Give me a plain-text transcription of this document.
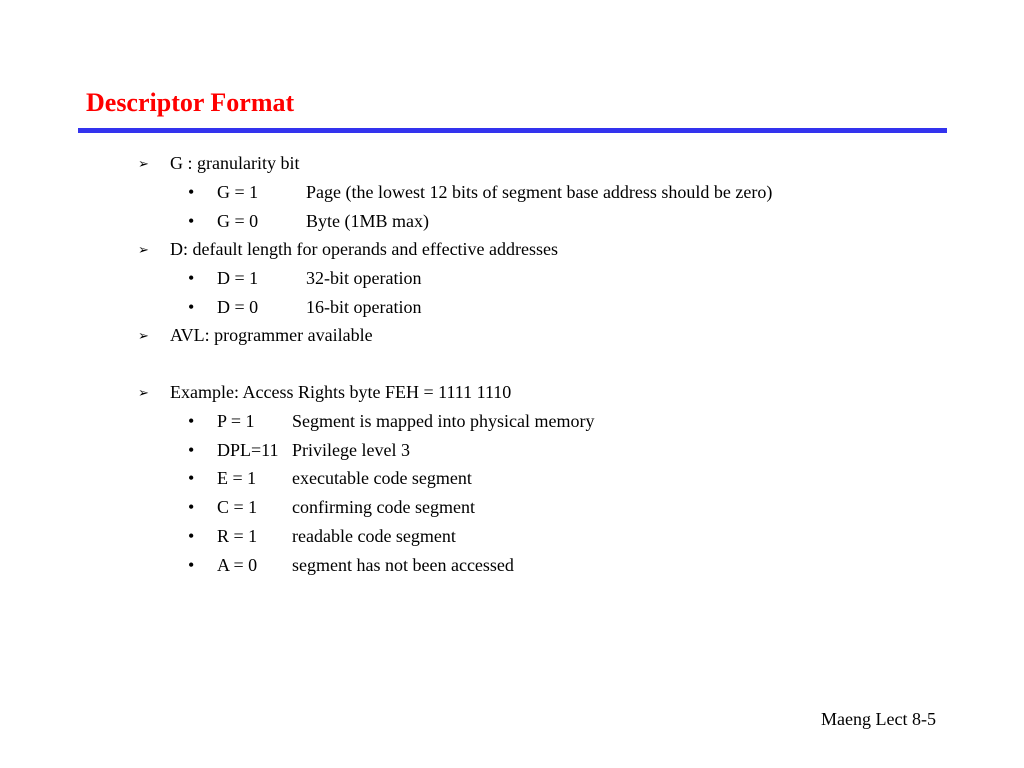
Descriptor Format
➢ G : granularity bit
• G = 1	Page (the lowest 12 bits of segment base address should be zero)
• G = 0	Byte (1MB max)
➢ D: default length for operands and effective addresses
• D = 1	32-bit operation
• D = 0	16-bit operation
➢ AVL: programmer available
➢ Example: Access Rights byte FEH = 1111 1110
• P = 1 Segment is mapped into physical memory
• DPL=11 Privilege level 3
• E = 1 executable code segment
• C = 1 confirming code segment
• R = 1 readable code segment
• A = 0 segment has not been accessed
Maeng Lect 8-5
